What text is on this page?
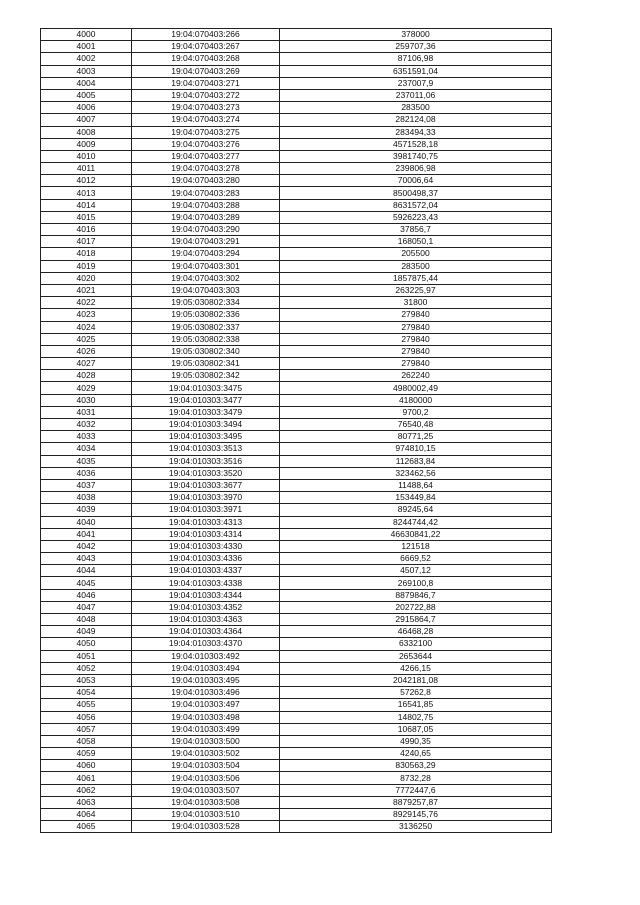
4000	19:04:070403:266	378000
4001	19:04:070403:267	259707,36
4002	19:04:070403:268	87106,98
4003	19:04:070403:269	6351591,04
4004	19:04:070403:271	237007,9
4005	19:04:070403:272	237011,06
4006	19:04:070403:273	283500
4007	19:04:070403:274	282124,08
4008	19:04:070403:275	283494,33
4009	19:04:070403:276	4571528,18
4010	19:04:070403:277	3981740,75
4011	19:04:070403:278	239806,98
4012	19:04:070403:280	70006,64
4013	19:04:070403:283	8500498,37
4014	19:04:070403:288	8631572,04
4015	19:04:070403:289	5926223,43
4016	19:04:070403:290	37856,7
4017	19:04:070403:291	168050,1
4018	19:04:070403:294	205500
4019	19:04:070403:301	283500
4020	19:04:070403:302	1857875,44
4021	19:04:070403:303	263225,97
4022	19:05:030802:334	31800
4023	19:05:030802:336	279840
4024	19:05:030802:337	279840
4025	19:05:030802:338	279840
4026	19:05:030802:340	279840
4027	19:05:030802:341	279840
4028	19:05:030802:342	262240
4029	19:04:010303:3475	4980002,49
4030	19:04:010303:3477	4180000
4031	19:04:010303:3479	9700,2
4032	19:04:010303:3494	76540,48
4033	19:04:010303:3495	80771,25
4034	19:04:010303:3513	974810,15
4035	19:04:010303:3516	112683,84
4036	19:04:010303:3520	323462,56
4037	19:04:010303:3677	11488,64
4038	19:04:010303:3970	153449,84
4039	19:04:010303:3971	89245,64
4040	19:04:010303:4313	8244744,42
4041	19:04:010303:4314	46630841,22
4042	19:04:010303:4330	121518
4043	19:04:010303:4336	6669,52
4044	19:04:010303:4337	4507,12
4045	19:04:010303:4338	269100,8
4046	19:04:010303:4344	8879846,7
4047	19:04:010303:4352	202722,88
4048	19:04:010303:4363	2915864,7
4049	19:04:010303:4364	46468,28
4050	19:04:010303:4370	6332100
4051	19:04:010303:492	2653644
4052	19:04:010303:494	4266,15
4053	19:04:010303:495	2042181,08
4054	19:04:010303:496	57262,8
4055	19:04:010303:497	16541,85
4056	19:04:010303:498	14802,75
4057	19:04:010303:499	10687,05
4058	19:04:010303:500	4990,35
4059	19:04:010303:502	4240,65
4060	19:04:010303:504	830563,29
4061	19:04:010303:506	8732,28
4062	19:04:010303:507	7772447,6
4063	19:04:010303:508	8879257,87
4064	19:04:010303:510	8929145,76
4065	19:04:010303:528	3136250
